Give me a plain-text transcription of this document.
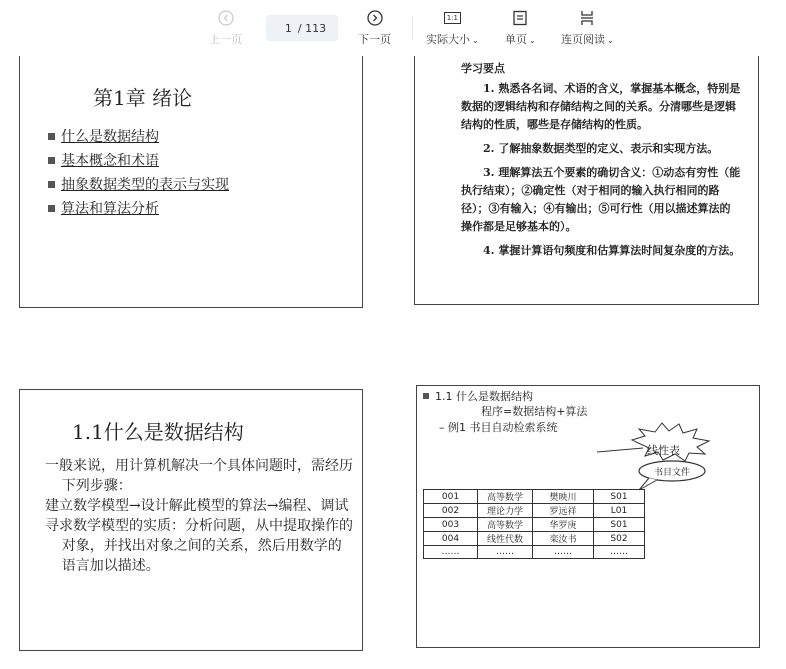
上一页
1
/ 113
下一页
1:1
实际大小 ⌄ 单页 ⌄ 连页阅读 ⌄
第1章 绪论
什么是数据结构
基本概念和术语
抽象数据类型的表示与实现
算法和算法分析
学习要点

1. 熟悉各名词、术语的含义，掌握基本概念，特别是数据的逻辑结构和存储结构之间的关系。分清哪些是逻辑结构的性质，哪些是存储结构的性质。

2. 了解抽象数据类型的定义、表示和实现方法。

3. 理解算法五个要素的确切含义：①动态有穷性（能执行结束）；②确定性（对于相同的输入执行相同的路径）；③有输入；④有输出；⑤可行性（用以描述算法的操作都是足够基本的）。

4. 掌握计算语句频度和估算算法时间复杂度的方法。

1.1什么是数据结构

一般来说，用计算机解决一个具体问题时，需经历下列步骤：

建立数学模型→设计解此模型的算法→编程、调试

寻求数学模型的实质：分析问题，从中提取操作的对象，并找出对象之间的关系，然后用数学的语言加以描述。

1.1 什么是数据结构
程序=数据结构+算法
– 例1 书目自动检索系统
线性表
书目文件
001	高等数学	樊映川	S01
002	理论力学	罗远祥	L01
003	高等数学	华罗庚	S01
004	线性代数	栾汝书	S02
……	……	……	……
